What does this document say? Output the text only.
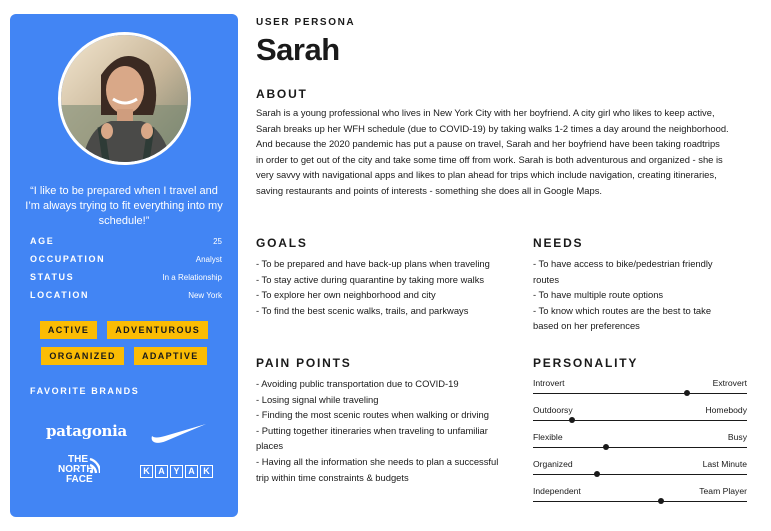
“I like to be prepared when I travel and I’m always trying to fit everything into my schedule!”
AGE	25
OCCUPATION	Analyst
STATUS	In a Relationship
LOCATION	New York
ACTIVE	ADVENTUROUS
ORGANIZED	ADAPTIVE
FAVORITE BRANDS
patagonia
THE
NORTH
FACE
K A Y A K
USER PERSONA
Sarah
ABOUT
Sarah is a young professional who lives in New York City with her boyfriend. A city girl who likes to keep active,
Sarah breaks up her WFH schedule (due to COVID-19) by taking walks 1-2 times a day around the neighborhood.
And because the 2020 pandemic has put a pause on travel, Sarah and her boyfriend have been taking roadtrips
in order to get out of the city and take some time off from work. Sarah is both adventurous and organized - she is
very savvy with navigational apps and likes to plan ahead for trips which include navigation, creating itineraries,
saving restaurants and points of interests - something she does all in Google Maps.
GOALS
- To be prepared and have back-up plans when traveling
- To stay active during quarantine by taking more walks
- To explore her own neighborhood and city
- To find the best scenic walks, trails, and parkways
NEEDS
- To have access to bike/pedestrian friendly
routes
- To have multiple route options
- To know which routes are the best to take
based on her preferences
PAIN POINTS
- Avoiding public transportation due to COVID-19
- Losing signal while traveling
- Finding the most scenic routes when walking or driving
- Putting together itineraries when traveling to unfamiliar
places
- Having all the information she needs to plan a successful
trip within time constraints & budgets
PERSONALITY
Introvert	Extrovert
Outdoorsy	Homebody
Flexible	Busy
Organized	Last Minute
Independent	Team Player
